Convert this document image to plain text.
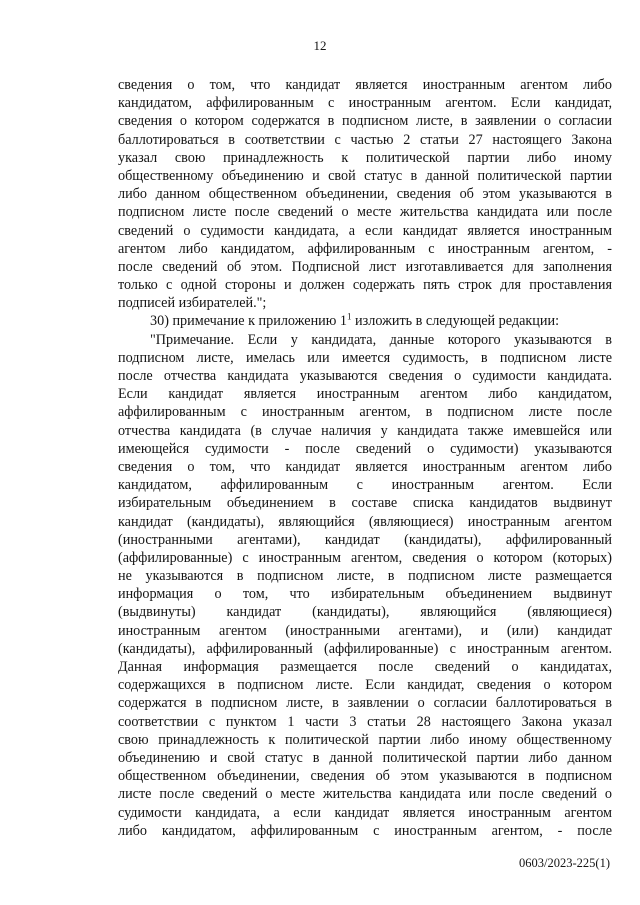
12
сведения о том, что кандидат является иностранным агентом либо
кандидатом, аффилированным с иностранным агентом. Если кандидат,
сведения о котором содержатся в подписном листе, в заявлении о согласии
баллотироваться в соответствии с частью 2 статьи 27 настоящего Закона
указал свою принадлежность к политической партии либо иному
общественному объединению и свой статус в данной политической партии
либо данном общественном объединении, сведения об этом указываются в
подписном листе после сведений о месте жительства кандидата или после
сведений о судимости кандидата, а если кандидат является иностранным
агентом либо кандидатом, аффилированным с иностранным агентом, -
после сведений об этом. Подписной лист изготавливается для заполнения
только с одной стороны и должен содержать пять строк для проставления
подписей избирателей.";
30) примечание к приложению $1^1$ изложить в следующей редакции:
"Примечание. Если у кандидата, данные которого указываются в
подписном листе, имелась или имеется судимость, в подписном листе
после отчества кандидата указываются сведения о судимости кандидата.
Если кандидат является иностранным агентом либо кандидатом,
аффилированным с иностранным агентом, в подписном листе после
отчества кандидата (в случае наличия у кандидата также имевшейся или
имеющейся судимости - после сведений о судимости) указываются
сведения о том, что кандидат является иностранным агентом либо
кандидатом, аффилированным с иностранным агентом. Если
избирательным объединением в составе списка кандидатов выдвинут
кандидат (кандидаты), являющийся (являющиеся) иностранным агентом
(иностранными агентами), кандидат (кандидаты), аффилированный
(аффилированные) с иностранным агентом, сведения о котором (которых)
не указываются в подписном листе, в подписном листе размещается
информация о том, что избирательным объединением выдвинут
(выдвинуты) кандидат (кандидаты), являющийся (являющиеся)
иностранным агентом (иностранными агентами), и (или) кандидат
(кандидаты), аффилированный (аффилированные) с иностранным агентом.
Данная информация размещается после сведений о кандидатах,
содержащихся в подписном листе. Если кандидат, сведения о котором
содержатся в подписном листе, в заявлении о согласии баллотироваться в
соответствии с пунктом 1 части 3 статьи 28 настоящего Закона указал
свою принадлежность к политической партии либо иному общественному
объединению и свой статус в данной политической партии либо данном
общественном объединении, сведения об этом указываются в подписном
листе после сведений о месте жительства кандидата или после сведений о
судимости кандидата, а если кандидат является иностранным агентом
либо кандидатом, аффилированным с иностранным агентом, - после
0603/2023-225(1)
